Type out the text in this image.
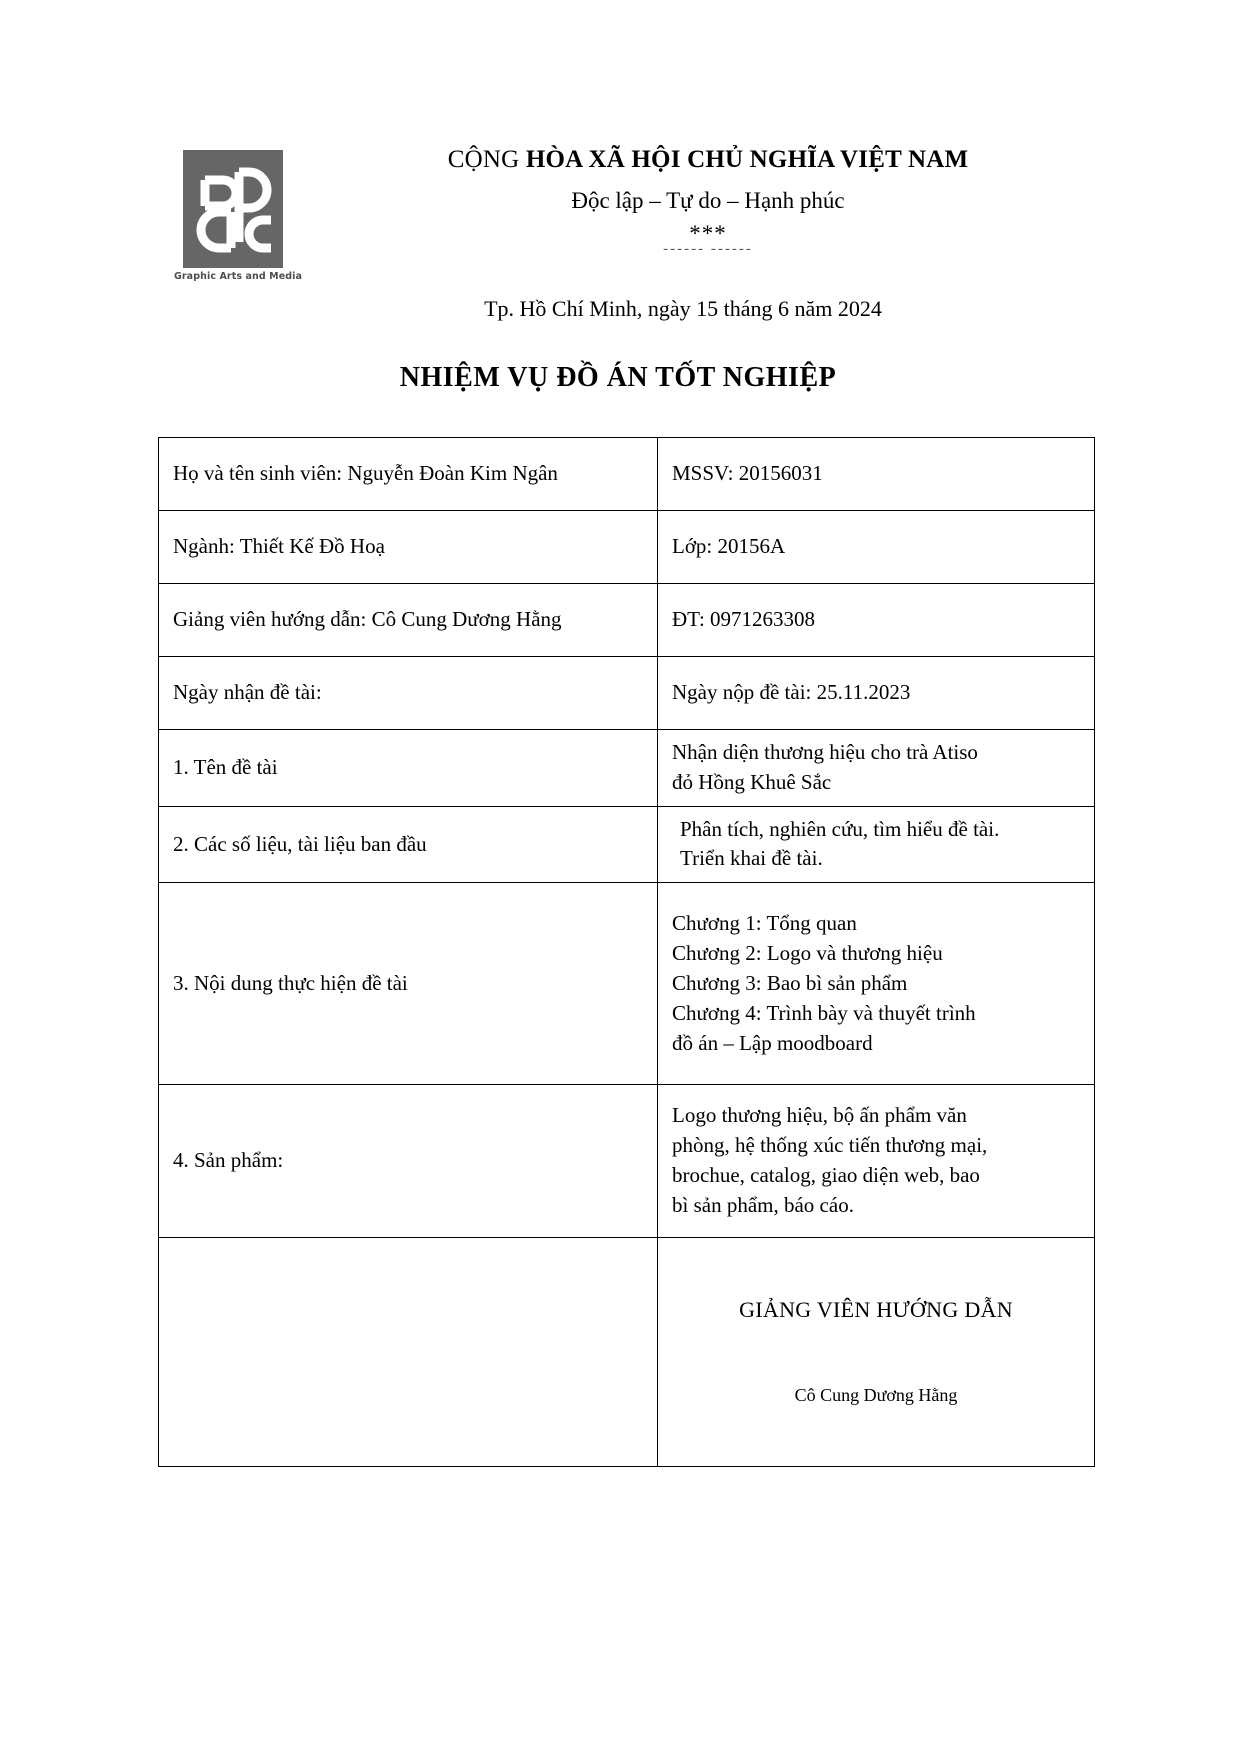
Graphic Arts and Media
CỘNG HÒA XÃ HỘI CHỦ NGHĨA VIỆT NAM
Độc lập – Tự do – Hạnh phúc
***
------ ------
Tp. Hồ Chí Minh, ngày 15 tháng 6 năm 2024
NHIỆM VỤ ĐỒ ÁN TỐT NGHIỆP
Họ và tên sinh viên: Nguyễn Đoàn Kim Ngân	MSSV: 20156031
Ngành: Thiết Kế Đồ Hoạ	Lớp: 20156A
Giảng viên hướng dẫn: Cô Cung Dương Hằng	ĐT: 0971263308
Ngày nhận đề tài:	Ngày nộp đề tài: 25.11.2023
1. Tên đề tài	Nhận diện thương hiệu cho trà Atiso
đỏ Hồng Khuê Sắc

2. Các số liệu, tài liệu ban đầu	Phân tích, nghiên cứu, tìm hiểu đề tài.
Triển khai đề tài.

3. Nội dung thực hiện đề tài	Chương 1: Tổng quan
Chương 2: Logo và thương hiệu
Chương 3: Bao bì sản phẩm
Chương 4: Trình bày và thuyết trình
đồ án – Lập moodboard

4. Sản phẩm:	Logo thương hiệu, bộ ấn phẩm văn
phòng, hệ thống xúc tiến thương mại,
brochue, catalog, giao diện web, bao
bì sản phẩm, báo cáo.

	GIẢNG VIÊN HƯỚNG DẪN
Cô Cung Dương Hằng
